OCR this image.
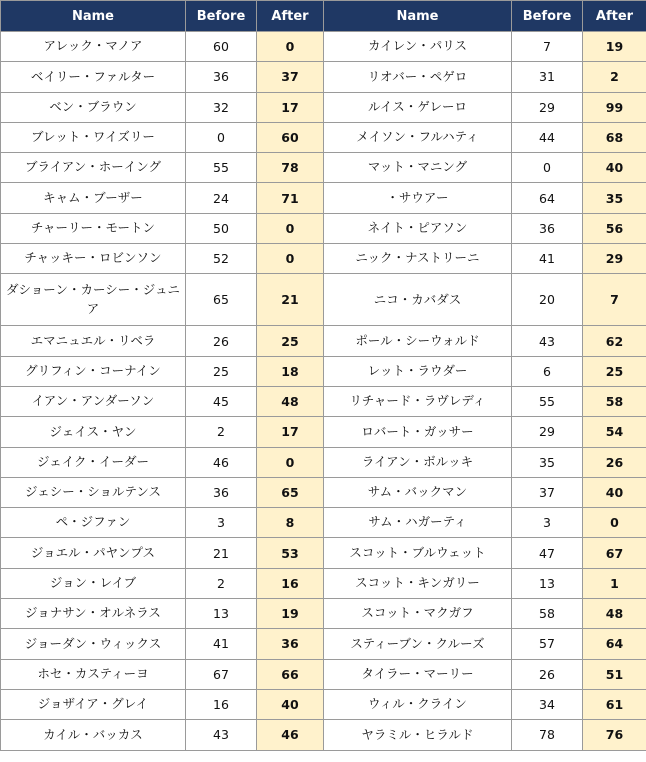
Name	Before	After	Name	Before	After
アレック・マノア	60	0	カイレン・パリス	7	19
ベイリー・ファルター	36	37	リオバー・ペゲロ	31	2
ベン・ブラウン	32	17	ルイス・ゲレーロ	29	99
ブレット・ワイズリー	0	60	メイソン・フルハティ	44	68
ブライアン・ホーイング	55	78	マット・マニング	0	40
キャム・ブーザー	24	71	・サウアー	64	35
チャーリー・モートン	50	0	ネイト・ピアソン	36	56
チャッキー・ロビンソン	52	0	ニック・ナストリーニ	41	29
ダショーン・カーシー・ジュニア	65	21	ニコ・カバダス	20	7
エマニュエル・リベラ	26	25	ポール・シーウォルド	43	62
グリフィン・コーナイン	25	18	レット・ラウダー	6	25
イアン・アンダーソン	45	48	リチャード・ラヴレディ	55	58
ジェイス・ヤン	2	17	ロバート・ガッサー	29	54
ジェイク・イーダー	46	0	ライアン・ボルッキ	35	26
ジェシー・ショルテンス	36	65	サム・バックマン	37	40
ペ・ジファン	3	8	サム・ハガーティ	3	0
ジョエル・パヤンプス	21	53	スコット・ブルウェット	47	67
ジョン・レイブ	2	16	スコット・キンガリー	13	1
ジョナサン・オルネラス	13	19	スコット・マクガフ	58	48
ジョーダン・ウィックス	41	36	スティーブン・クルーズ	57	64
ホセ・カスティーヨ	67	66	タイラー・マーリー	26	51
ジョザイア・グレイ	16	40	ウィル・クライン	34	61
カイル・バッカス	43	46	ヤラミル・ヒラルド	78	76
